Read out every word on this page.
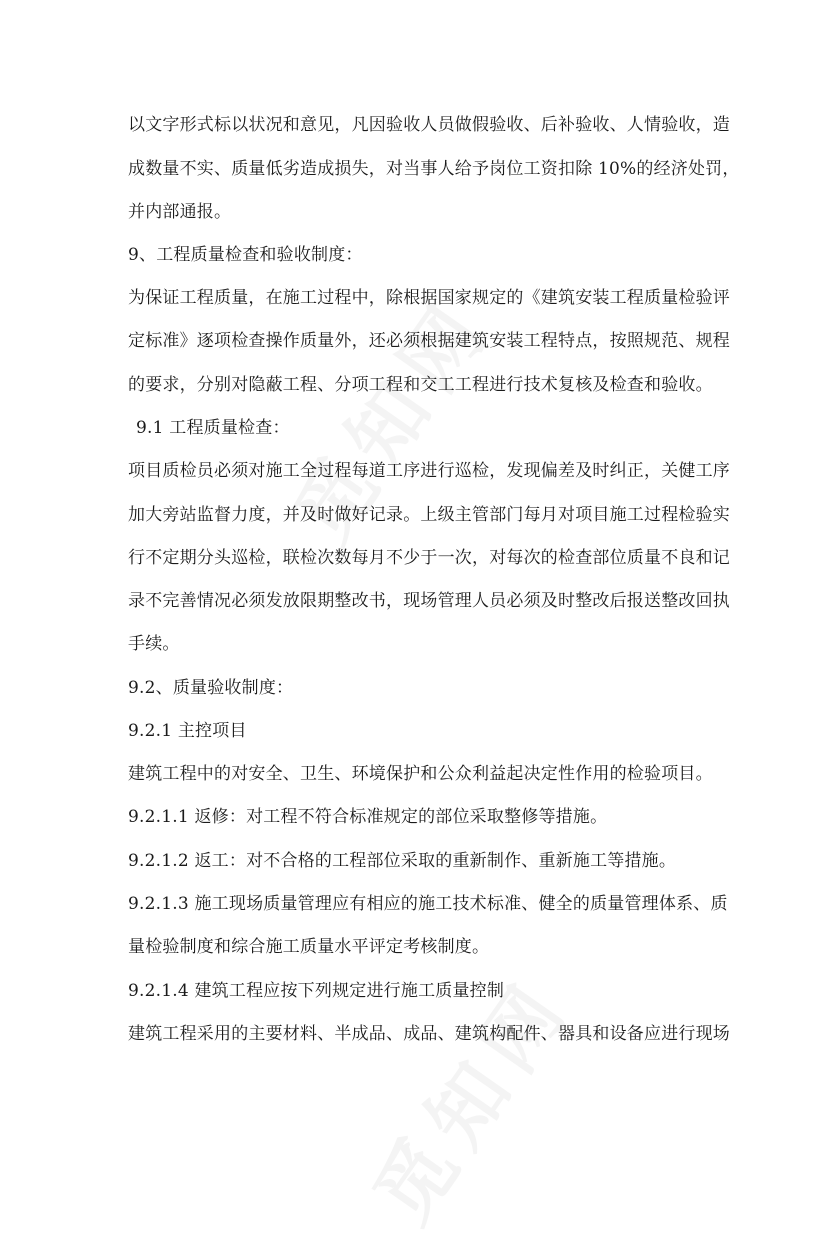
以文字形式标以状况和意见，凡因验收人员做假验收、后补验收、人情验收，造
成数量不实、质量低劣造成损失，对当事人给予岗位工资扣除 10%的经济处罚，
并内部通报。
9、工程质量检查和验收制度：
为保证工程质量，在施工过程中，除根据国家规定的《建筑安装工程质量检验评
定标准》逐项检查操作质量外，还必须根据建筑安装工程特点，按照规范、规程
的要求，分别对隐蔽工程、分项工程和交工工程进行技术复核及检查和验收。
9.1 工程质量检查：
项目质检员必须对施工全过程每道工序进行巡检，发现偏差及时纠正，关健工序
加大旁站监督力度，并及时做好记录。上级主管部门每月对项目施工过程检验实
行不定期分头巡检，联检次数每月不少于一次，对每次的检查部位质量不良和记
录不完善情况必须发放限期整改书，现场管理人员必须及时整改后报送整改回执
手续。
9.2、质量验收制度：
9.2.1 主控项目
建筑工程中的对安全、卫生、环境保护和公众利益起决定性作用的检验项目。
9.2.1.1 返修：对工程不符合标准规定的部位采取整修等措施。
9.2.1.2 返工：对不合格的工程部位采取的重新制作、重新施工等措施。
9.2.1.3 施工现场质量管理应有相应的施工技术标准、健全的质量管理体系、质
量检验制度和综合施工质量水平评定考核制度。
9.2.1.4 建筑工程应按下列规定进行施工质量控制
建筑工程采用的主要材料、半成品、成品、建筑构配件、器具和设备应进行现场
